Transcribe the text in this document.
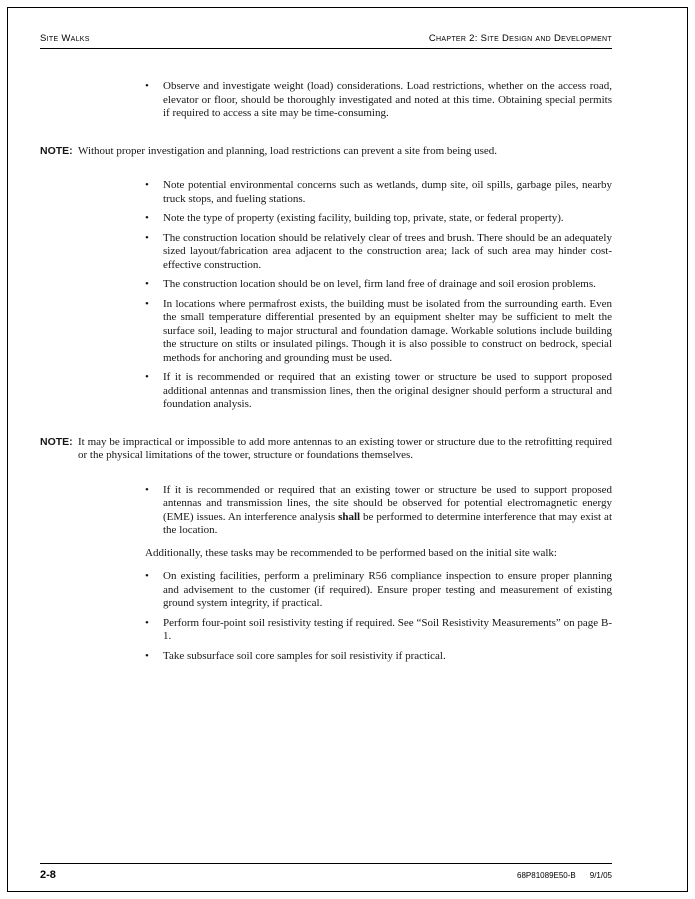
Site Walks	Chapter 2: Site Design and Development
•	Observe and investigate weight (load) considerations. Load restrictions, whether on the access road, elevator or floor, should be thoroughly investigated and noted at this time. Obtaining special permits if required to access a site may be time-consuming.
NOTE: Without proper investigation and planning, load restrictions can prevent a site from being used.
•	Note potential environmental concerns such as wetlands, dump site, oil spills, garbage piles, nearby truck stops, and fueling stations.
•	Note the type of property (existing facility, building top, private, state, or federal property).
•	The construction location should be relatively clear of trees and brush. There should be an adequately sized layout/fabrication area adjacent to the construction area; lack of such area may hinder cost-effective construction.
•	The construction location should be on level, firm land free of drainage and soil erosion problems.
•	In locations where permafrost exists, the building must be isolated from the surrounding earth. Even the small temperature differential presented by an equipment shelter may be sufficient to melt the surface soil, leading to major structural and foundation damage. Workable solutions include building the structure on stilts or insulated pilings. Though it is also possible to construct on bedrock, special methods for anchoring and grounding must be used.
•	If it is recommended or required that an existing tower or structure be used to support proposed additional antennas and transmission lines, then the original designer should perform a structural and foundation analysis.
NOTE: It may be impractical or impossible to add more antennas to an existing tower or structure due to the retrofitting required or the physical limitations of the tower, structure or foundations themselves.
•	If it is recommended or required that an existing tower or structure be used to support proposed antennas and transmission lines, the site should be observed for potential electromagnetic energy (EME) issues. An interference analysis shall be performed to determine interference that may exist at the location.
Additionally, these tasks may be recommended to be performed based on the initial site walk:
•	On existing facilities, perform a preliminary R56 compliance inspection to ensure proper planning and advisement to the customer (if required). Ensure proper testing and measurement of existing ground system integrity, if practical.
•	Perform four-point soil resistivity testing if required. See “Soil Resistivity Measurements” on page B-1.
•	Take subsurface soil core samples for soil resistivity if practical.
2-8	68P81089E50-B 9/1/05
